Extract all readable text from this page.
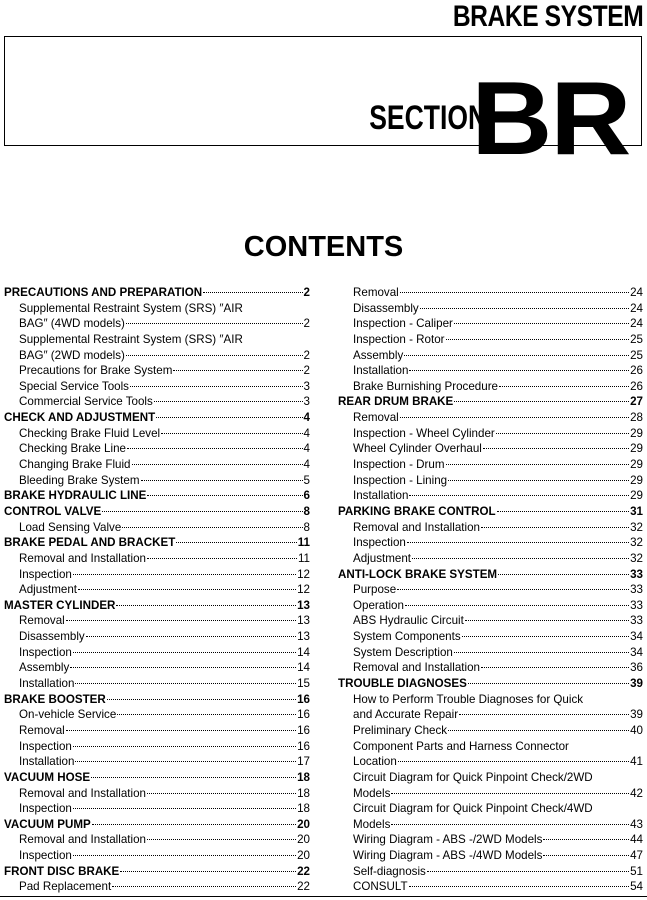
BRAKE SYSTEM
SECTION
BR
CONTENTS
PRECAUTIONS AND PREPARATION	2
Supplemental Restraint System (SRS) ″AIR
BAG″ (4WD models)	2
Supplemental Restraint System (SRS) ″AIR
BAG″ (2WD models)	2
Precautions for Brake System	2
Special Service Tools	3
Commercial Service Tools	3
CHECK AND ADJUSTMENT	4
Checking Brake Fluid Level	4
Checking Brake Line	4
Changing Brake Fluid	4
Bleeding Brake System	5
BRAKE HYDRAULIC LINE	6
CONTROL VALVE	8
Load Sensing Valve	8
BRAKE PEDAL AND BRACKET	11
Removal and Installation	11
Inspection	12
Adjustment	12
MASTER CYLINDER	13
Removal	13
Disassembly	13
Inspection	14
Assembly	14
Installation	15
BRAKE BOOSTER	16
On-vehicle Service	16
Removal	16
Inspection	16
Installation	17
VACUUM HOSE	18
Removal and Installation	18
Inspection	18
VACUUM PUMP	20
Removal and Installation	20
Inspection	20
FRONT DISC BRAKE	22
Pad Replacement	22
Removal	24
Disassembly	24
Inspection - Caliper	24
Inspection - Rotor	25
Assembly	25
Installation	26
Brake Burnishing Procedure	26
REAR DRUM BRAKE	27
Removal	28
Inspection - Wheel Cylinder	29
Wheel Cylinder Overhaul	29
Inspection - Drum	29
Inspection - Lining	29
Installation	29
PARKING BRAKE CONTROL	31
Removal and Installation	32
Inspection	32
Adjustment	32
ANTI-LOCK BRAKE SYSTEM	33
Purpose	33
Operation	33
ABS Hydraulic Circuit	33
System Components	34
System Description	34
Removal and Installation	36
TROUBLE DIAGNOSES	39
How to Perform Trouble Diagnoses for Quick
and Accurate Repair	39
Preliminary Check	40
Component Parts and Harness Connector
Location	41
Circuit Diagram for Quick Pinpoint Check/2WD
Models	42
Circuit Diagram for Quick Pinpoint Check/4WD
Models	43
Wiring Diagram - ABS -/2WD Models	44
Wiring Diagram - ABS -/4WD Models	47
Self-diagnosis	51
CONSULT	54
